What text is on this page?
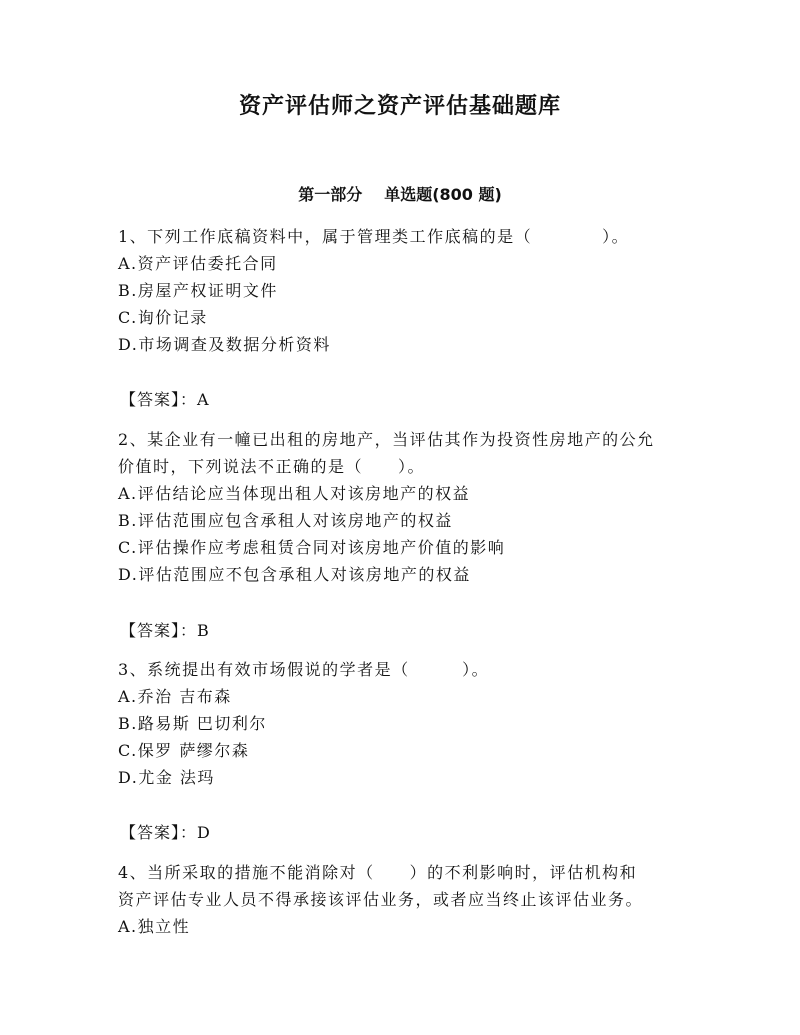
资产评估师之资产评估基础题库
第一部分 单选题(800 题)
1、下列工作底稿资料中，属于管理类工作底稿的是（　　　　）。
A.资产评估委托合同
B.房屋产权证明文件
C.询价记录
D.市场调查及数据分析资料
【答案】：A
2、某企业有一幢已出租的房地产，当评估其作为投资性房地产的公允
价值时，下列说法不正确的是（　　）。
A.评估结论应当体现出租人对该房地产的权益
B.评估范围应包含承租人对该房地产的权益
C.评估操作应考虑租赁合同对该房地产价值的影响
D.评估范围应不包含承租人对该房地产的权益
【答案】：B
3、系统提出有效市场假说的学者是（　　　）。
A.乔治 吉布森
B.路易斯 巴切利尔
C.保罗 萨缪尔森
D.尤金 法玛
【答案】：D
4、当所采取的措施不能消除对（　　）的不利影响时，评估机构和
资产评估专业人员不得承接该评估业务，或者应当终止该评估业务。
A.独立性
